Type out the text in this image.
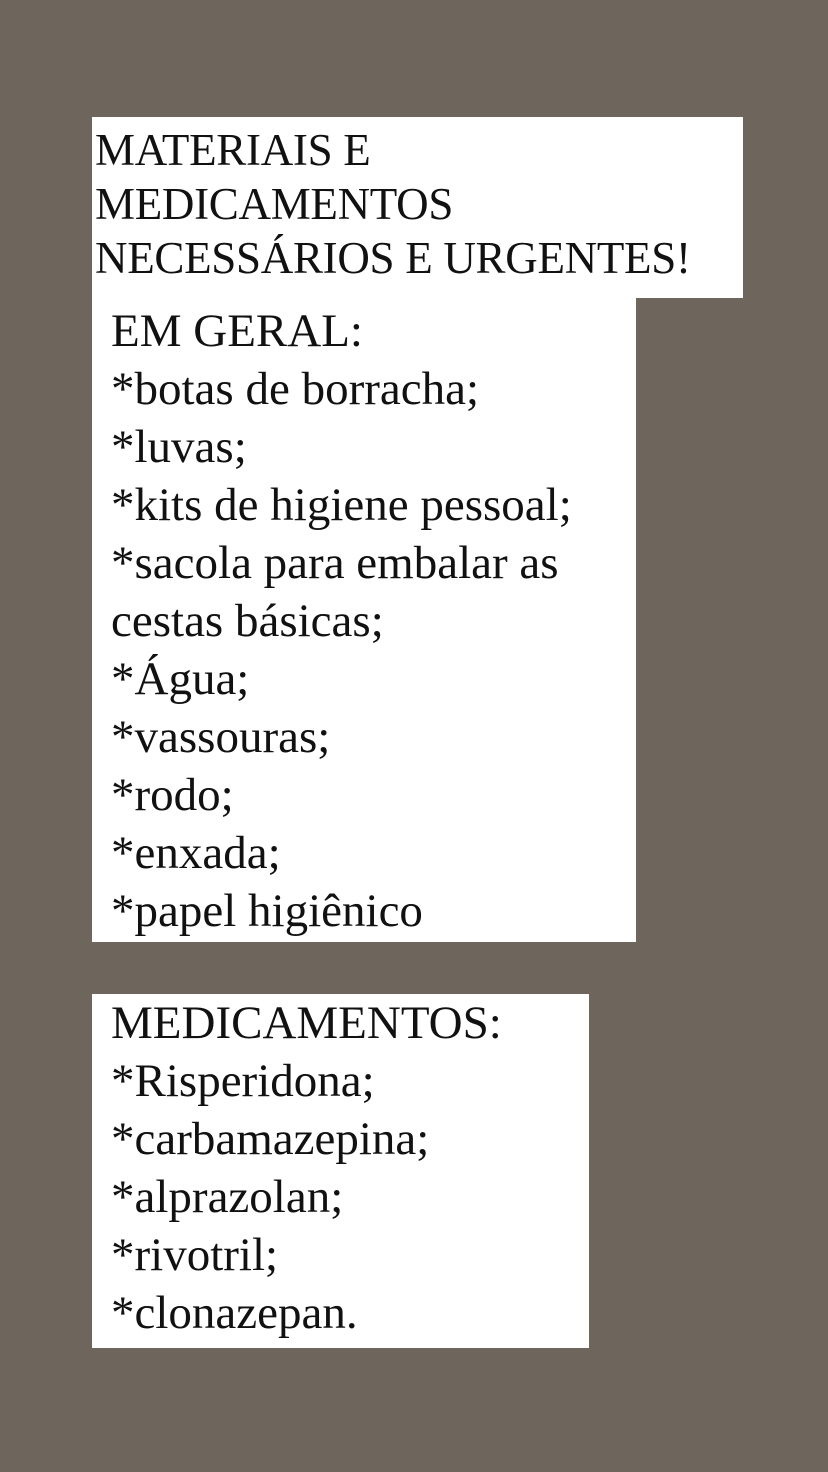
MATERIAIS E
MEDICAMENTOS
NECESSÁRIOS E URGENTES!
EM GERAL:
*botas de borracha;
*luvas;
*kits de higiene pessoal;
*sacola para embalar as
cestas básicas;
*Água;
*vassouras;
*rodo;
*enxada;
*papel higiênico
MEDICAMENTOS:
*Risperidona;
*carbamazepina;
*alprazolan;
*rivotril;
*clonazepan.
